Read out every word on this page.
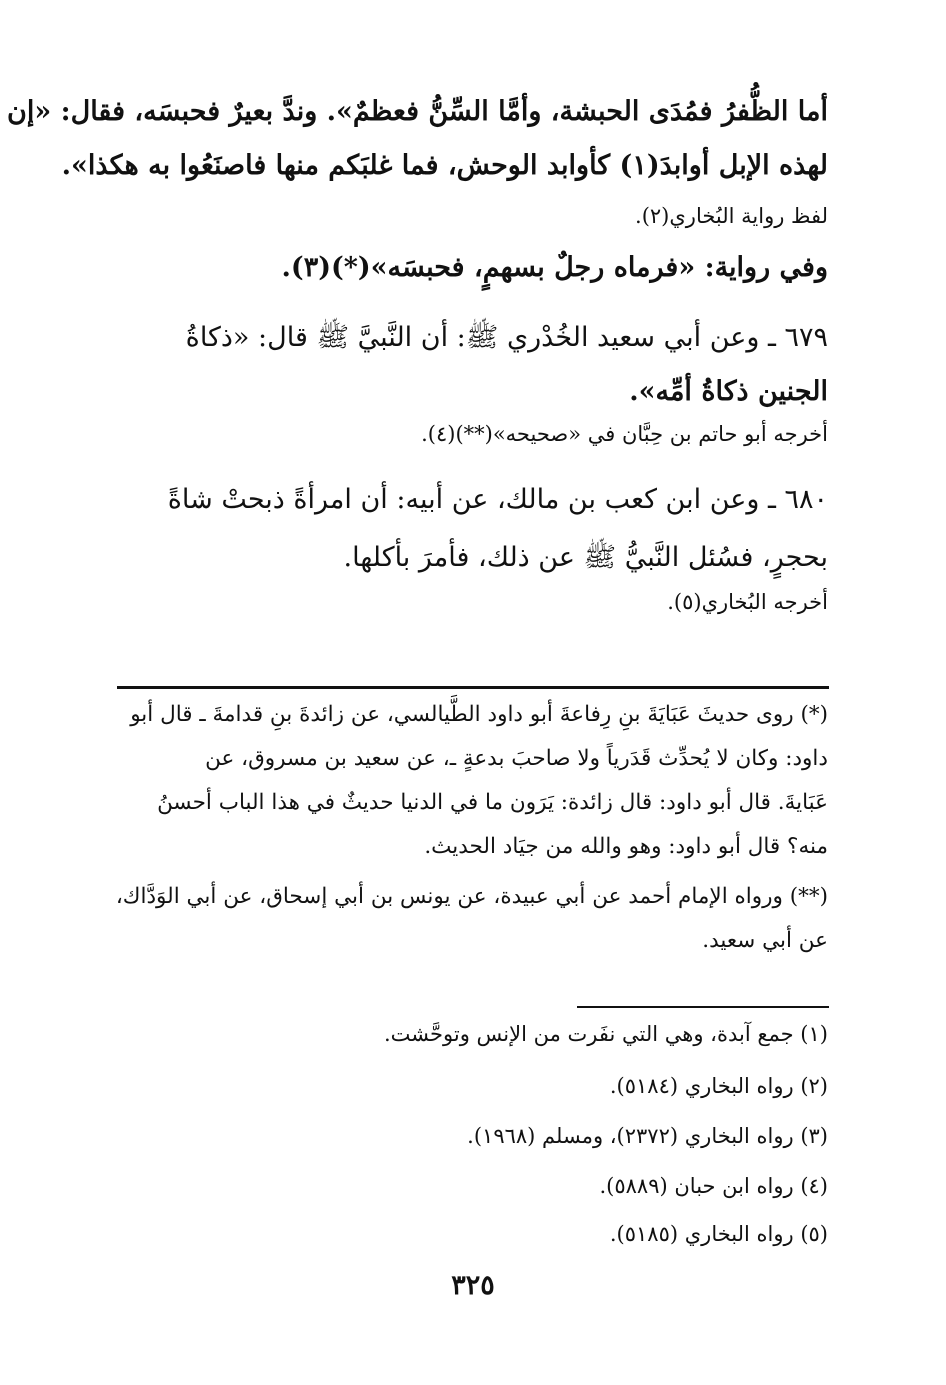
أما الظُّفرُ فمُدَى الحبشة، وأمَّا السِّنُّ فعظمٌ». وندَّ بعيرٌ فحبسَه، فقال: «إن
لهذه الإبل أوابدَ(١) كأوابد الوحش، فما غلبَكم منها فاصنَعُوا به هكذا».
لفظ رواية البُخاري(٢).
وفي رواية: «فرماه رجلٌ بسهمٍ، فحبسَه»(*)(٣).
٦٧٩ ـ وعن أبي سعيد الخُدْري ﷺ: أن النَّبيَّ ﷺ قال: «ذكاةُ
الجنين ذكاةُ أمِّه».
أخرجه أبو حاتم بن حِبَّان في «صحيحه»(**)(٤).
٦٨٠ ـ وعن ابن كعب بن مالك، عن أبيه: أن امرأةً ذبحتْ شاةً
بحجرٍ، فسُئل النَّبيُّ ﷺ عن ذلك، فأمرَ بأكلها.
أخرجه البُخاري(٥).
(*) روى حديثَ عَبَايَةَ بنِ رِفاعةَ أبو داود الطَّيالسي، عن زائدةَ بنِ قدامةَ ـ قال أبو
داود: وكان لا يُحدِّث قَدَرياً ولا صاحبَ بدعةٍ ـ، عن سعيد بن مسروق، عن
عَبَايةَ. قال أبو داود: قال زائدة: يَرَون ما في الدنيا حديثٌ في هذا الباب أحسنُ
منه؟ قال أبو داود: وهو والله من جيَاد الحديث.
(**) ورواه الإمام أحمد عن أبي عبيدة، عن يونس بن أبي إسحاق، عن أبي الوَدَّاك،
عن أبي سعيد.
(١) جمع آبدة، وهي التي نفَرت من الإنس وتوحَّشت.
(٢) رواه البخاري (٥١٨٤).
(٣) رواه البخاري (٢٣٧٢)، ومسلم (١٩٦٨).
(٤) رواه ابن حبان (٥٨٨٩).
(٥) رواه البخاري (٥١٨٥).
٣٢٥
